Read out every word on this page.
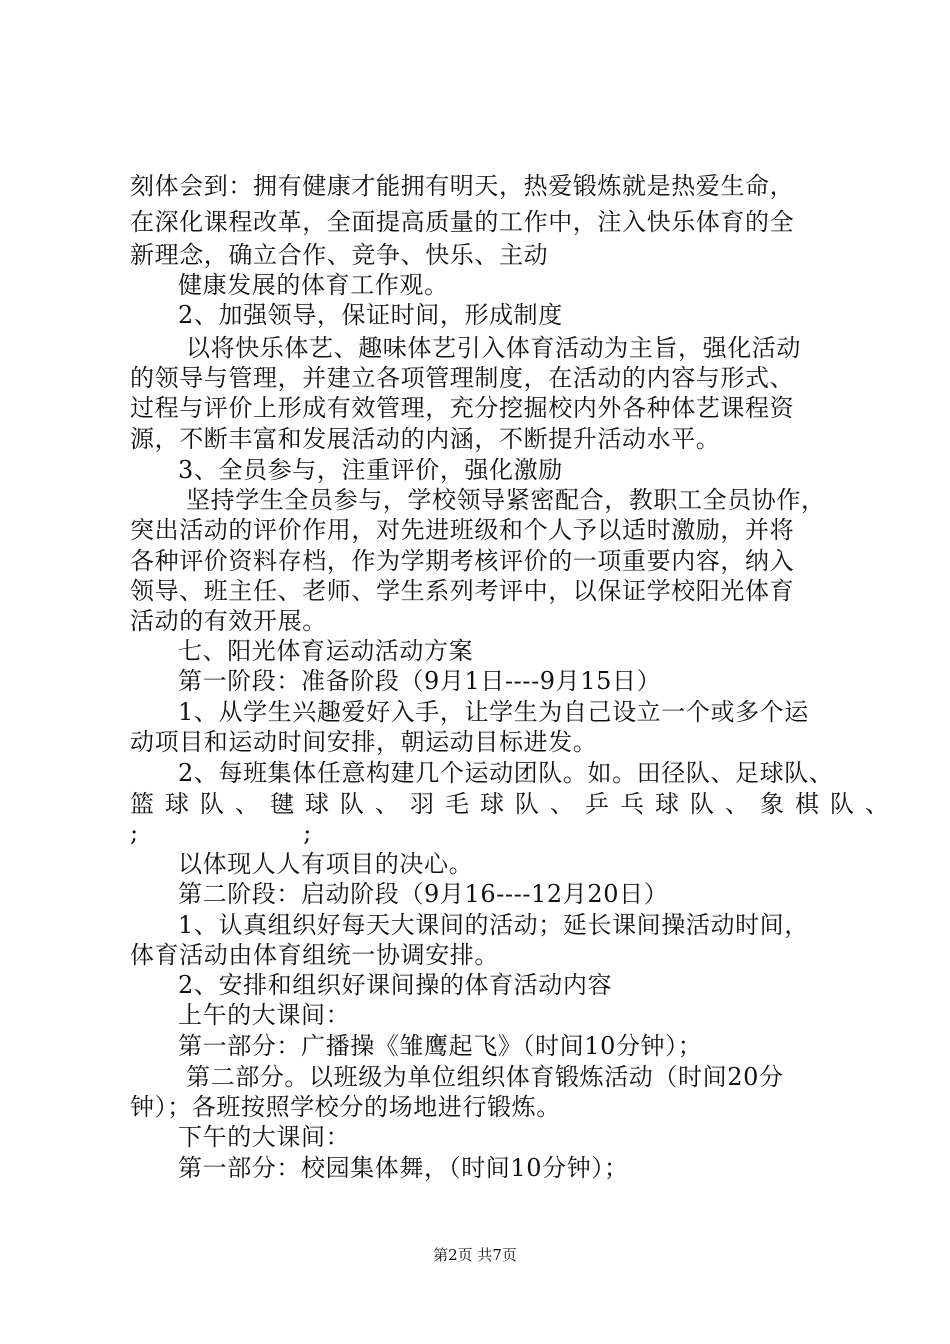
刻体会到：拥有健康才能拥有明天，热爱锻炼就是热爱生命，
在深化课程改革，全面提高质量的工作中，注入快乐体育的全
新理念，确立合作、竞争、快乐、主动
健康发展的体育工作观。
2、加强领导，保证时间，形成制度
以将快乐体艺、趣味体艺引入体育活动为主旨，强化活动
的领导与管理，并建立各项管理制度，在活动的内容与形式、
过程与评价上形成有效管理，充分挖掘校内外各种体艺课程资
源，不断丰富和发展活动的内涵，不断提升活动水平。
3、全员参与，注重评价，强化激励
坚持学生全员参与，学校领导紧密配合，教职工全员协作，
突出活动的评价作用，对先进班级和个人予以适时激励，并将
各种评价资料存档，作为学期考核评价的一项重要内容，纳入
领导、班主任、老师、学生系列考评中，以保证学校阳光体育
活动的有效开展。
七、阳光体育运动活动方案
第一阶段：准备阶段（9月1日----9月15日）
1、从学生兴趣爱好入手，让学生为自己设立一个或多个运
动项目和运动时间安排，朝运动目标进发。
2、每班集体任意构建几个运动团队。如。田径队、足球队、
篮球队、毽球队、羽毛球队、乒乓球队、象棋队、
;                    ;
以体现人人有项目的决心。
第二阶段：启动阶段（9月16----12月20日）
1、认真组织好每天大课间的活动；延长课间操活动时间，
体育活动由体育组统一协调安排。
2、安排和组织好课间操的体育活动内容
上午的大课间：
第一部分：广播操《雏鹰起飞》（时间10分钟）；
第二部分。以班级为单位组织体育锻炼活动（时间20分
钟）；各班按照学校分的场地进行锻炼。
下午的大课间：
第一部分：校园集体舞，（时间10分钟）；
第2页 共7页
